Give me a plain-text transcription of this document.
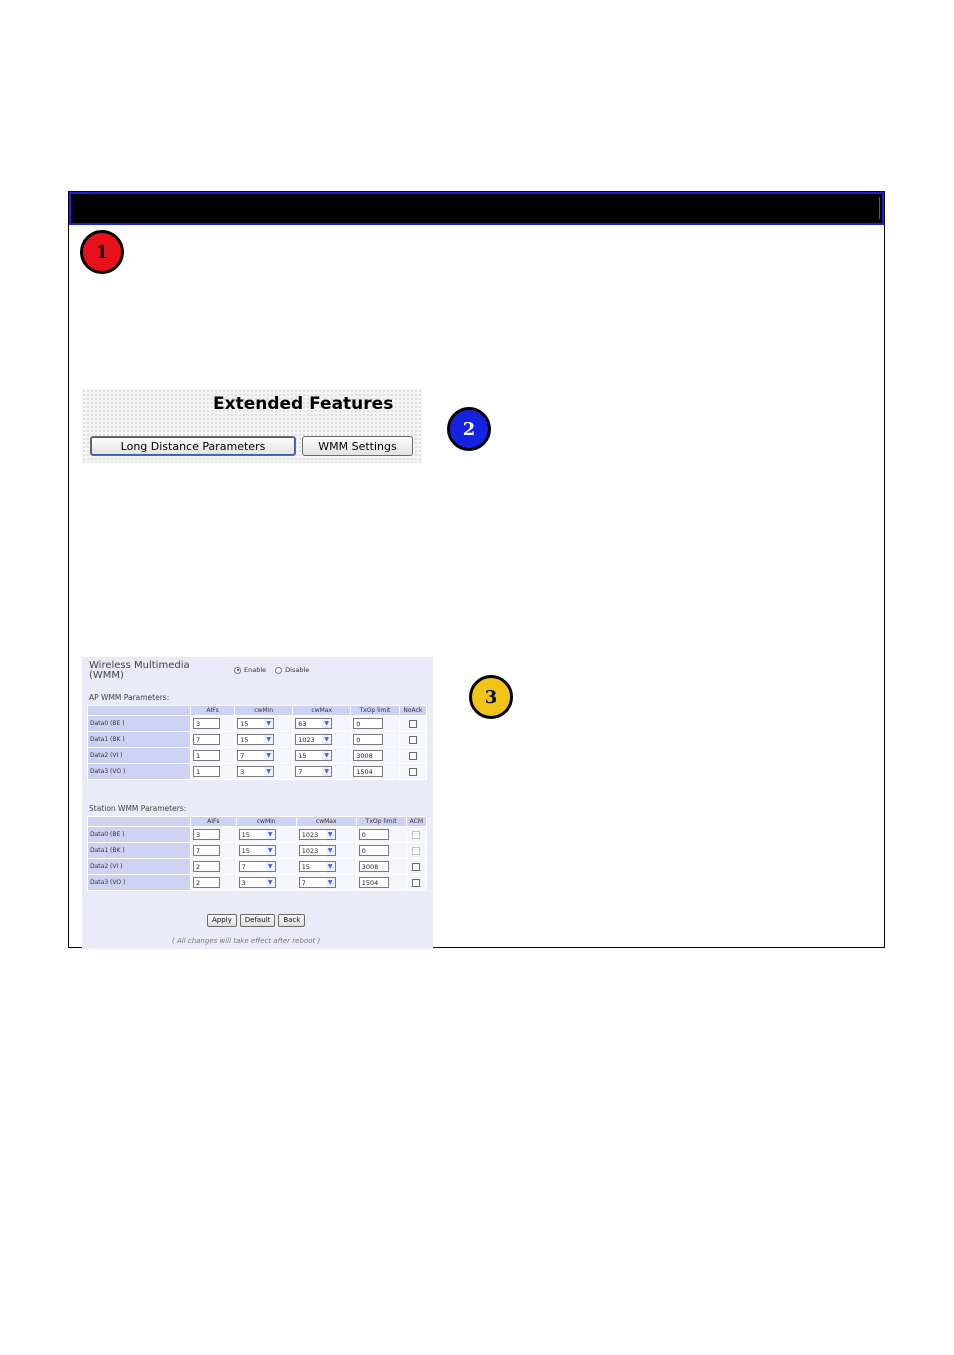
1
Extended Features
Long Distance Parameters	WMM Settings
2
Wireless Multimedia (WMM)	Enable	Disable
AP WMM Parameters:
	AIFs	cwMin	cwMax	TxOp limit	NoAck
Data0 (BE )	3	15 ▼	63 ▼	0	
Data1 (BK )	7	15 ▼	1023 ▼	0	
Data2 (VI )	1	7 ▼	15 ▼	3008	
Data3 (VO )	1	3 ▼	7 ▼	1504	
Station WMM Parameters:
	AIFs	cwMin	cwMax	TxOp limit	ACM
Data0 (BE )	3	15 ▼	1023 ▼	0	
Data1 (BK )	7	15 ▼	1023 ▼	0	
Data2 (VI )	2	7 ▼	15 ▼	3008	
Data3 (VO )	2	3 ▼	7 ▼	1504	
Apply	Default	Back
( All changes will take effect after reboot )
3
